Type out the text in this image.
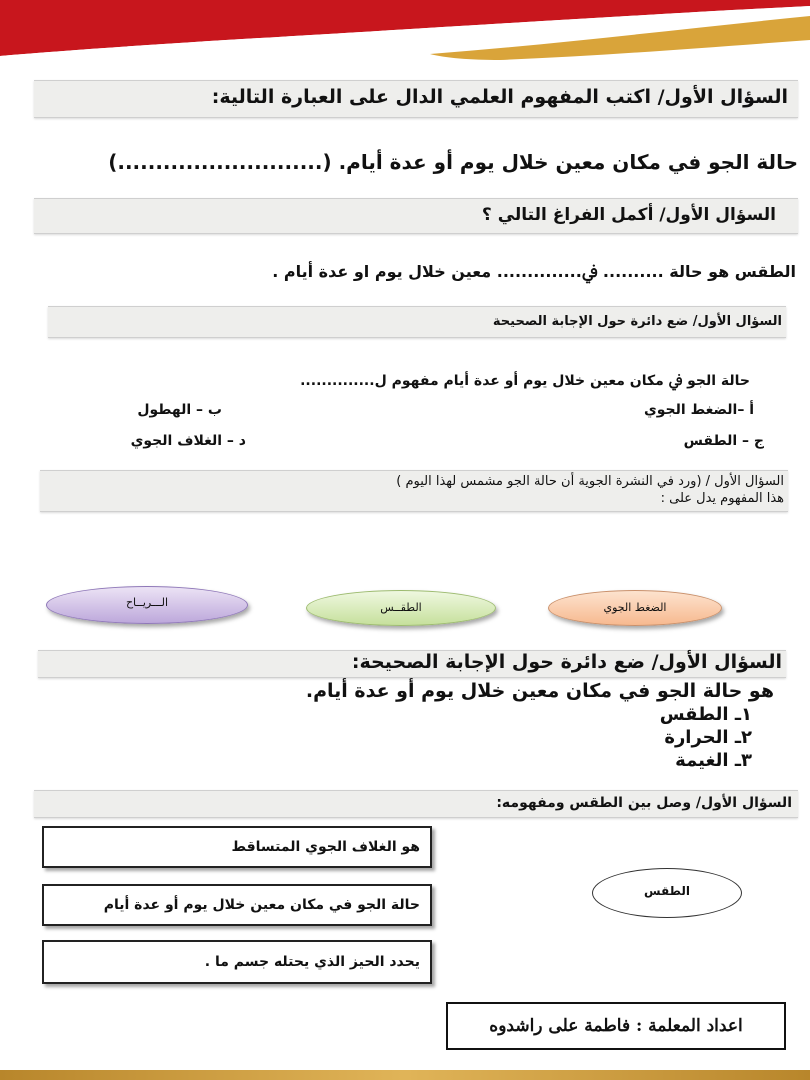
السؤال الأول/ اكتب المفهوم العلمي الدال على العبارة التالية:
حالة الجو في مكان معين خلال يوم أو عدة أيام. (...........................)
السؤال الأول/ أكمل الفراغ التالي ؟
الطقس هو حالة .......... ﰲ.............. معين خلال يوم او عدة أيام .
السؤال الأول/ ضع دائرة حول الإجابة الصحيحة
حالة الجو ﰲ مكان معين خلال يوم أو عدة أيام مفهوم ل..............
أ –الضغط الجوي
ب – الهطول
ج – الطقس
د – الغلاف الجوي
السؤال الأول / (ورد في النشرة الجوية أن حالة الجو مشمس لهذا اليوم )
هذا المفهوم يدل على :
الضغط الجوي
الطقــس
الـــريــاح
السؤال الأول/ ضع دائرة حول الإجابة الصحيحة:
هو حالة الجو في مكان معين خلال يوم أو عدة أيام.
١ـ الطقس
٢ـ الحرارة
٣ـ الغيمة
السؤال الأول/ وصل بين الطقس ومفهومه:
هو الغلاف الجوي المتساقط
حالة الجو في مكان معين خلال يوم أو عدة أيام
يحدد الحيز الذي يحتله جسم ما .
الطقس
اعداد المعلمة : فاطمة على راشدوه
